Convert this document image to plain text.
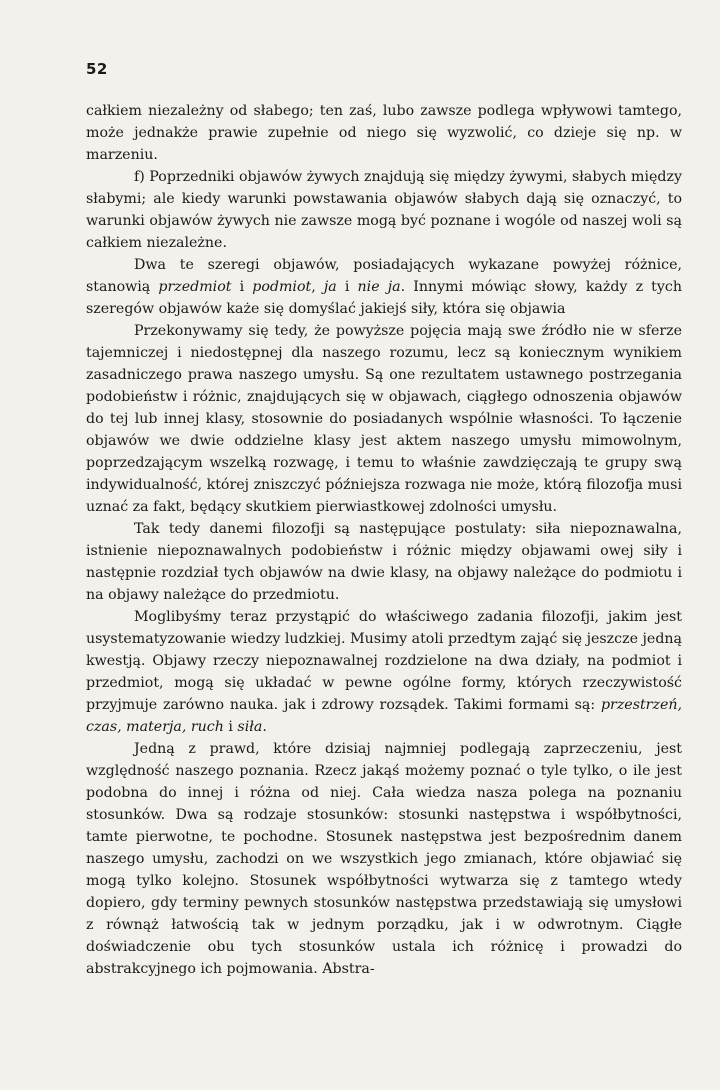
52

całkiem niezależny od słabego; ten zaś, lubo zawsze podlega wpływowi tamtego, może jednakże prawie zupełnie od niego się wyzwolić, co dzieje się np. w marzeniu.

f) Poprzedniki objawów żywych znajdują się między żywymi, słabych między słabymi; ale kiedy warunki powstawania objawów słabych dają się oznaczyć, to warunki objawów żywych nie zawsze mogą być poznane i wogóle od naszej woli są całkiem niezależne.

Dwa te szeregi objawów, posiadających wykazane powyżej różnice, stanowią przedmiot i podmiot, ja i nie ja. Innymi mówiąc słowy, każdy z tych szeregów objawów każe się domyślać jakiejś siły, która się objawia

Przekonywamy się tedy, że powyższe pojęcia mają swe źródło nie w sferze tajemniczej i niedostępnej dla naszego rozumu, lecz są koniecznym wynikiem zasadniczego prawa naszego umysłu. Są one rezultatem ustawnego postrzegania podobieństw i różnic, znajdujących się w objawach, ciągłego odnoszenia objawów do tej lub innej klasy, stosownie do posiadanych wspólnie własności. To łączenie objawów we dwie oddzielne klasy jest aktem naszego umysłu mimowolnym, poprzedzającym wszelką rozwagę, i temu to właśnie zawdzięczają te grupy swą indywidualność, której zniszczyć późniejsza rozwaga nie może, którą filozofja musi uznać za fakt, będący skutkiem pierwiastkowej zdolności umysłu.

Tak tedy danemi filozofji są następujące postulaty: siła niepoznawalna, istnienie niepoznawalnych podobieństw i różnic między objawami owej siły i następnie rozdział tych objawów na dwie klasy, na objawy należące do podmiotu i na objawy należące do przedmiotu.

Moglibyśmy teraz przystąpić do właściwego zadania filozofji, jakim jest usystematyzowanie wiedzy ludzkiej. Musimy atoli przedtym zająć się jeszcze jedną kwestją. Objawy rzeczy niepoznawalnej rozdzielone na dwa działy, na podmiot i przedmiot, mogą się układać w pewne ogólne formy, których rzeczywistość przyjmuje zarówno nauka. jak i zdrowy rozsądek. Takimi formami są: przestrzeń, czas, materja, ruch i siła.

Jedną z prawd, które dzisiaj najmniej podlegają zaprzeczeniu, jest względność naszego poznania. Rzecz jakąś możemy poznać o tyle tylko, o ile jest podobna do innej i różna od niej. Cała wiedza nasza polega na poznaniu stosunków. Dwa są rodzaje stosunków: stosunki następstwa i współbytności, tamte pierwotne, te pochodne. Stosunek następstwa jest bezpośrednim danem naszego umysłu, zachodzi on we wszystkich jego zmianach, które objawiać się mogą tylko kolejno. Stosunek współbytności wytwarza się z tamtego wtedy dopiero, gdy terminy pewnych stosunków następstwa przedstawiają się umysłowi z równąż łatwością tak w jednym porządku, jak i w odwrotnym. Ciągłe doświadczenie obu tych stosunków ustala ich różnicę i prowadzi do abstrakcyjnego ich pojmowania. Abstra-
